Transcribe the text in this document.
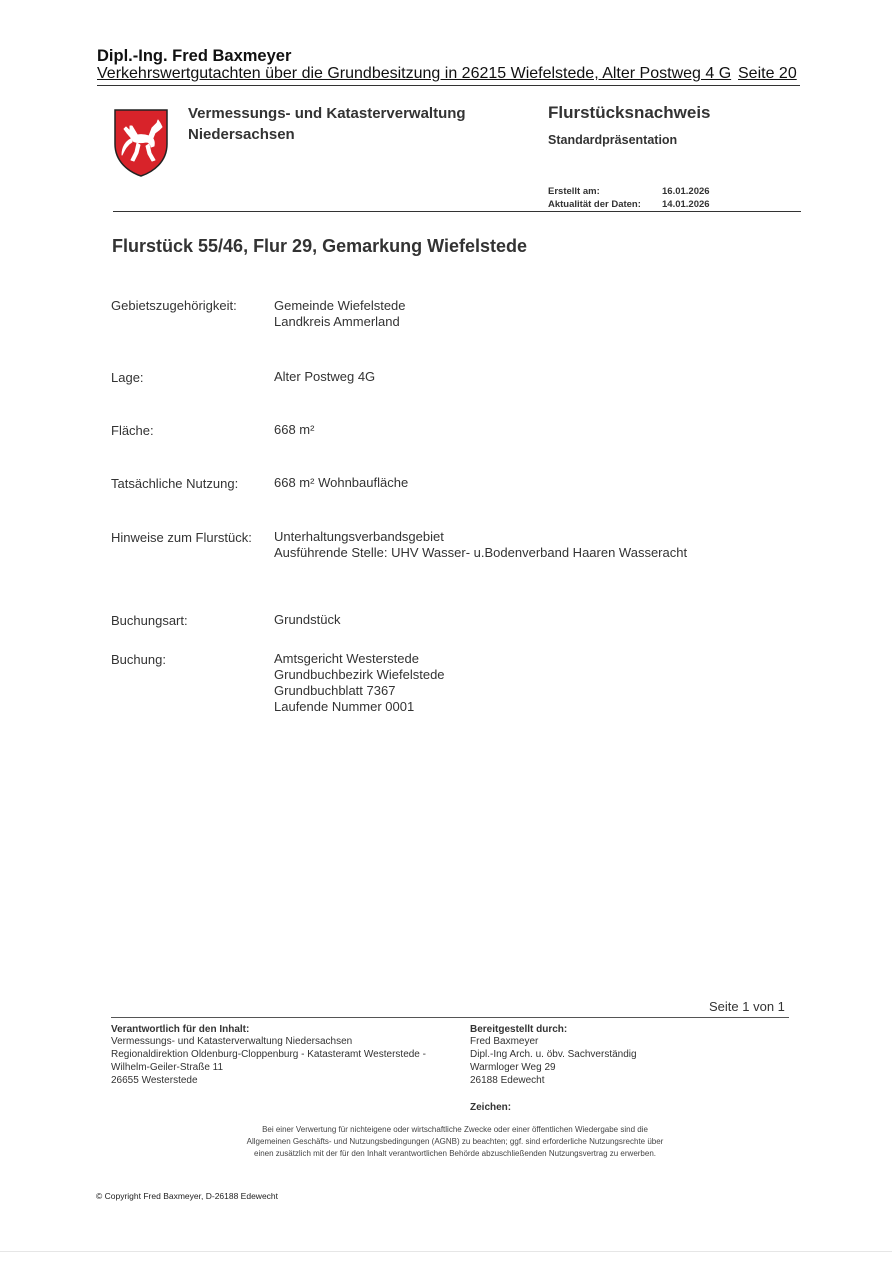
Dipl.-Ing. Fred Baxmeyer
Verkehrswertgutachten über die Grundbesitzung in 26215 Wiefelstede, Alter Postweg 4 G Seite 20
Vermessungs- und Katasterverwaltung
Niedersachsen
Flurstücksnachweis
Standardpräsentation
Erstellt am:	16.01.2026
Aktualität der Daten: 14.01.2026
Flurstück 55/46, Flur 29, Gemarkung Wiefelstede
Gebietszugehörigkeit:	Gemeinde Wiefelstede
Landkreis Ammerland
Lage:	Alter Postweg 4G
Fläche:	668 m²
Tatsächliche Nutzung:	668 m² Wohnbaufläche
Hinweise zum Flurstück: Unterhaltungsverbandsgebiet
Ausführende Stelle: UHV Wasser- u.Bodenverband Haaren Wasseracht
Buchungsart:	Grundstück
Buchung:	Amtsgericht Westerstede
Grundbuchbezirk Wiefelstede
Grundbuchblatt 7367
Laufende Nummer 0001
Seite 1 von 1
Verantwortlich für den Inhalt:
Vermessungs- und Katasterverwaltung Niedersachsen
Regionaldirektion Oldenburg-Cloppenburg - Katasteramt Westerstede -
Wilhelm-Geiler-Straße 11
26655 Westerstede
Bereitgestellt durch:
Fred Baxmeyer
Dipl.-Ing Arch. u. öbv. Sachverständig
Warmloger Weg 29
26188 Edewecht
Zeichen:
Bei einer Verwertung für nichteigene oder wirtschaftliche Zwecke oder einer öffentlichen Wiedergabe sind die
Allgemeinen Geschäfts- und Nutzungsbedingungen (AGNB) zu beachten; ggf. sind erforderliche Nutzungsrechte über
einen zusätzlich mit der für den Inhalt verantwortlichen Behörde abzuschließenden Nutzungsvertrag zu erwerben.
© Copyright Fred Baxmeyer, D-26188 Edewecht
